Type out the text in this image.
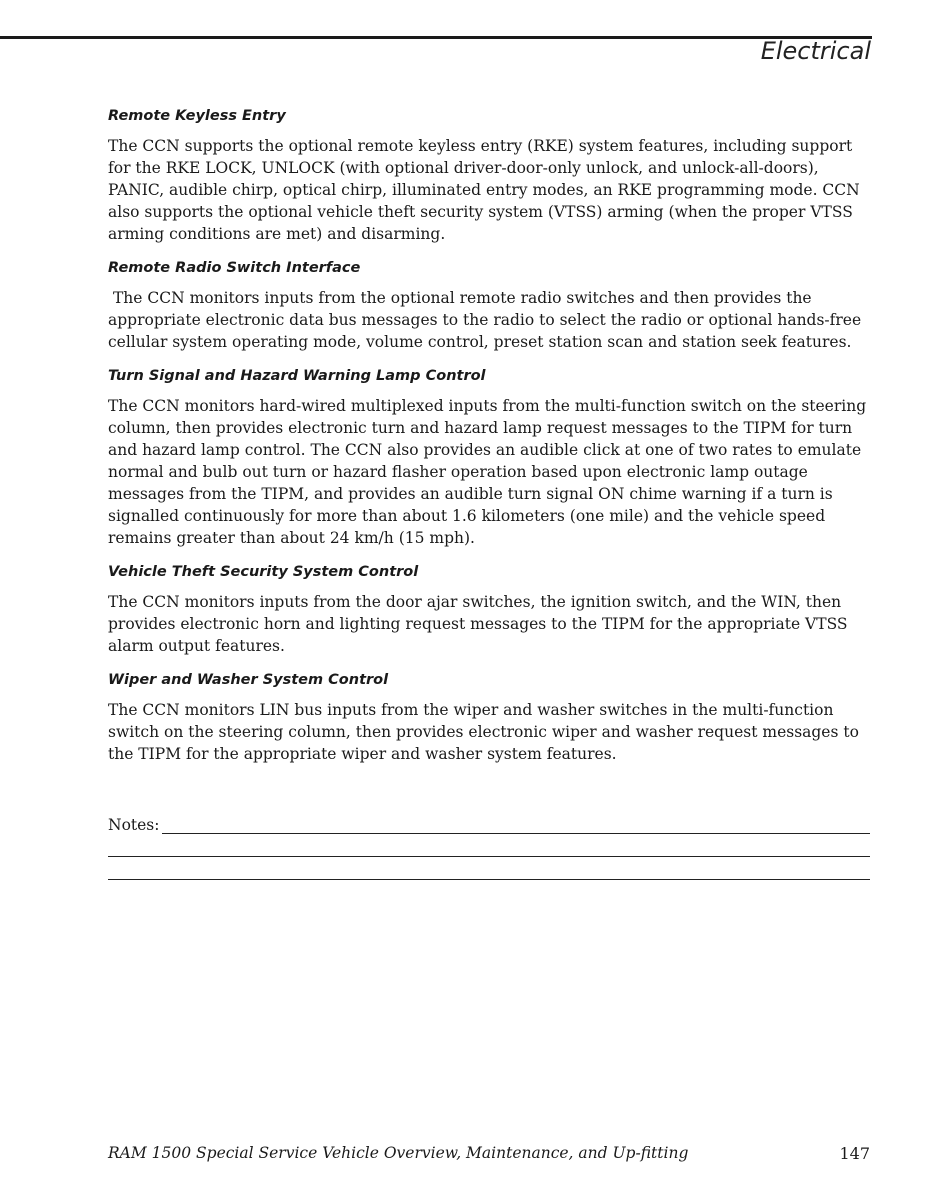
Electrical
Remote Keyless Entry

The CCN supports the optional remote keyless entry (RKE) system features, including support for the RKE LOCK, UNLOCK (with optional driver-door-only unlock, and unlock-all-doors), PANIC, audible chirp, optical chirp, illuminated entry modes, an RKE programming mode. CCN also supports the optional vehicle theft security system (VTSS) arming (when the proper VTSS arming conditions are met) and disarming.

Remote Radio Switch Interface

The CCN monitors inputs from the optional remote radio switches and then provides the appropriate electronic data bus messages to the radio to select the radio or optional hands-free cellular system operating mode, volume control, preset station scan and station seek features.

Turn Signal and Hazard Warning Lamp Control

The CCN monitors hard-wired multiplexed inputs from the multi-function switch on the steering column, then provides electronic turn and hazard lamp request messages to the TIPM for turn and hazard lamp control. The CCN also provides an audible click at one of two rates to emulate normal and bulb out turn or hazard flasher operation based upon electronic lamp outage messages from the TIPM, and provides an audible turn signal ON chime warning if a turn is signalled continuously for more than about 1.6 kilometers (one mile) and the vehicle speed remains greater than about 24 km/h (15 mph).

Vehicle Theft Security System Control

The CCN monitors inputs from the door ajar switches, the ignition switch, and the WIN, then provides electronic horn and lighting request messages to the TIPM for the appropriate VTSS alarm output features.

Wiper and Washer System Control

The CCN monitors LIN bus inputs from the wiper and washer switches in the multi-function switch on the steering column, then provides electronic wiper and washer request messages to the TIPM for the appropriate wiper and washer system features.

Notes:
RAM 1500 Special Service Vehicle Overview, Maintenance, and Up-fitting	147
